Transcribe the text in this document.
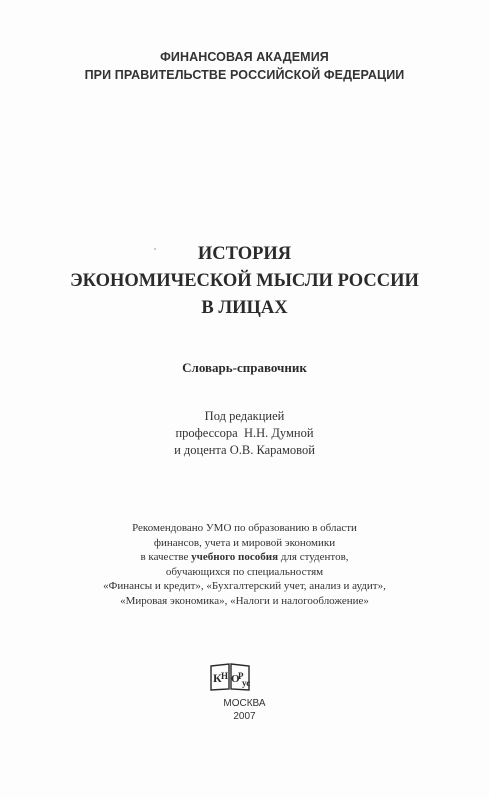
ФИНАНСОВАЯ АКАДЕМИЯ
ПРИ ПРАВИТЕЛЬСТВЕ РОССИЙСКОЙ ФЕДЕРАЦИИ
ИСТОРИЯ
ЭКОНОМИЧЕСКОЙ МЫСЛИ РОССИИ
В ЛИЦАХ
Словарь-справочник
Под редакцией
профессора  Н.Н. Думной
и доцента О.В. Карамовой
Рекомендовано УМО по образованию в области
финансов, учета и мировой экономики
в качестве учебного пособия для студентов,
обучающихся по специальностям
«Финансы и кредит», «Бухгалтерский учет, анализ и аудит»,
«Мировая экономика», «Налоги и налогообложение»
К Н О
Р
ус
МОСКВА
2007
